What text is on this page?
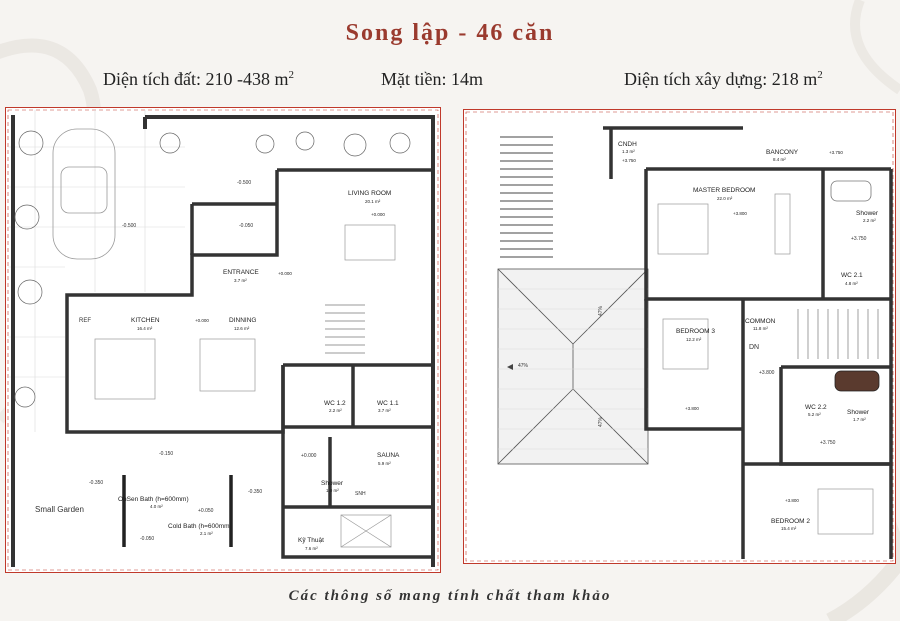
Song lập - 46 căn
Diện tích đất: 210 -438 $m^2$	Mặt tiền: 14m	Diện tích xây dựng: 218 $m^2$
LIVING ROOM
20.1 m²
+0.000
ENTRANCE
3.7 m²
+0.000
KITCHEN
16.4 m²
+0.000	DINNING
12.6 m²
WC 1.2
2.2 m²
WC 1.1
3.7 m²
SAUNA
5.9 m²
Shower
1.0 m²
OnSen Bath (h=600mm)
4.0 m²
Cold Bath (h=600mm)
2.1 m²
Kỹ Thuật
7.6 m²
REF
Small Garden
SNH
-0.500
-0.500	-0.050
-0.150
-0.350
-0.350
+0.050
-0.050
+0.000
CNDH
1.3 m²
+3.750
BANCONY
8.4 m²
+3.750
MASTER BEDROOM
22.0 m²
+3.800	Shower
2.2 m²
WC 2.1
4.8 m²
BEDROOM 3
12.2 m²
+3.800
COMMON
11.8 m²
WC 2.2
5.2 m²	Shower
1.7 m²
BEDROOM 2
15.4 m²
+3.800
DN
47%
47%
47%
+3.750
+3.800
+3.750
Các thông số mang tính chất tham khảo
